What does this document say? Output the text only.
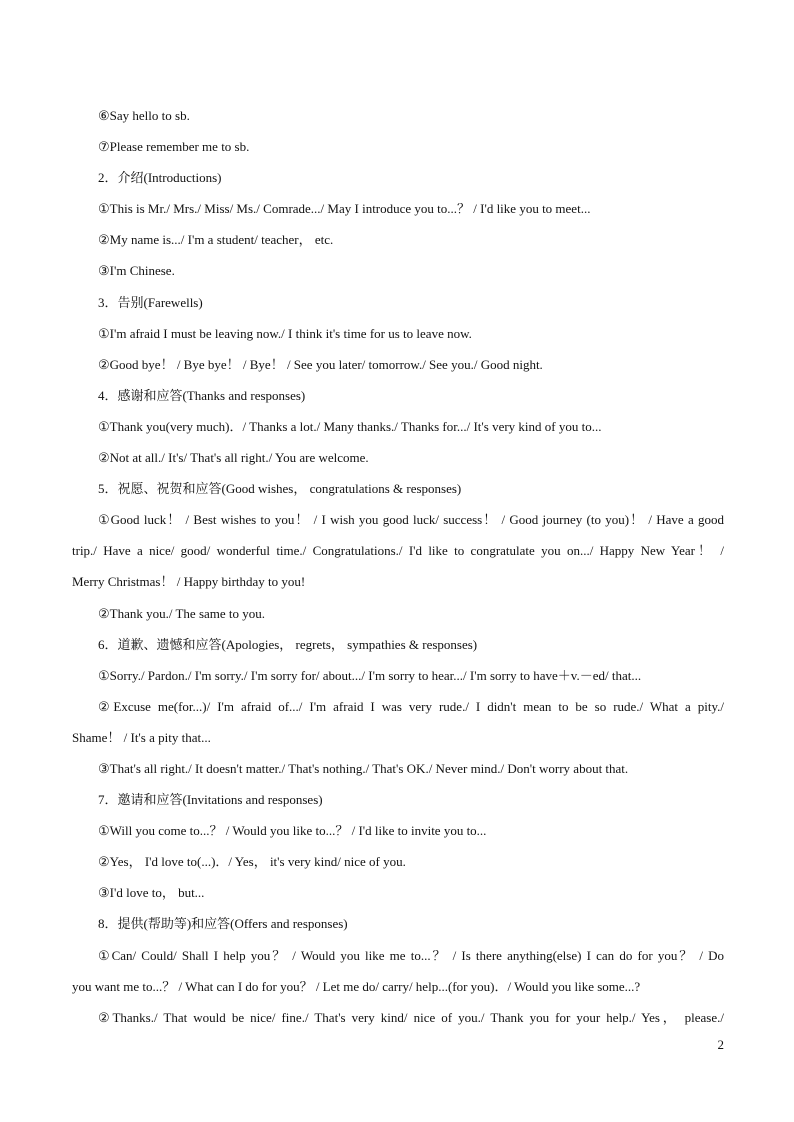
⑥Say hello to sb.
⑦Please remember me to sb.
2．介绍(Introductions)
①This is Mr./ Mrs./ Miss/ Ms./ Comrade.../ May I introduce you to...？ / I'd like you to meet...
②My name is.../ I'm a student/ teacher， etc.
③I'm Chinese.
3．告别(Farewells)
①I'm afraid I must be leaving now./ I think it's time for us to leave now.
②Good bye！ / Bye bye！ / Bye！ / See you later/ tomorrow./ See you./ Good night.
4．感谢和应答(Thanks and responses)
①Thank you(very much)．/ Thanks a lot./ Many thanks./ Thanks for.../ It's very kind of you to...
②Not at all./ It's/ That's all right./ You are welcome.
5．祝愿、祝贺和应答(Good wishes， congratulations & responses)
①Good luck！ / Best wishes to you！ / I wish you good luck/ success！ / Good journey (to you)！ / Have a good
trip./ Have a nice/ good/ wonderful time./ Congratulations./ I'd like to congratulate you on.../ Happy New Year！ /
Merry Christmas！ / Happy birthday to you!
②Thank you./ The same to you.
6．道歉、遗憾和应答(Apologies， regrets， sympathies & responses)
①Sorry./ Pardon./ I'm sorry./ I'm sorry for/ about.../ I'm sorry to hear.../ I'm sorry to have＋v.－ed/ that...
②Excuse me(for...)/ I'm afraid of.../ I'm afraid I was very rude./ I didn't mean to be so rude./ What a pity./
Shame！ / It's a pity that...
③That's all right./ It doesn't matter./ That's nothing./ That's OK./ Never mind./ Don't worry about that.
7．邀请和应答(Invitations and responses)
①Will you come to...？ / Would you like to...？ / I'd like to invite you to...
②Yes， I'd love to(...)．/ Yes， it's very kind/ nice of you.
③I'd love to， but...
8．提供(帮助等)和应答(Offers and responses)
①Can/ Could/ Shall I help you？ / Would you like me to...？ / Is there anything(else) I can do for you？ / Do
you want me to...？ / What can I do for you？ / Let me do/ carry/ help...(for you)．/ Would you like some...?
②Thanks./ That would be nice/ fine./ That's very kind/ nice of you./ Thank you for your help./ Yes， please./
2
